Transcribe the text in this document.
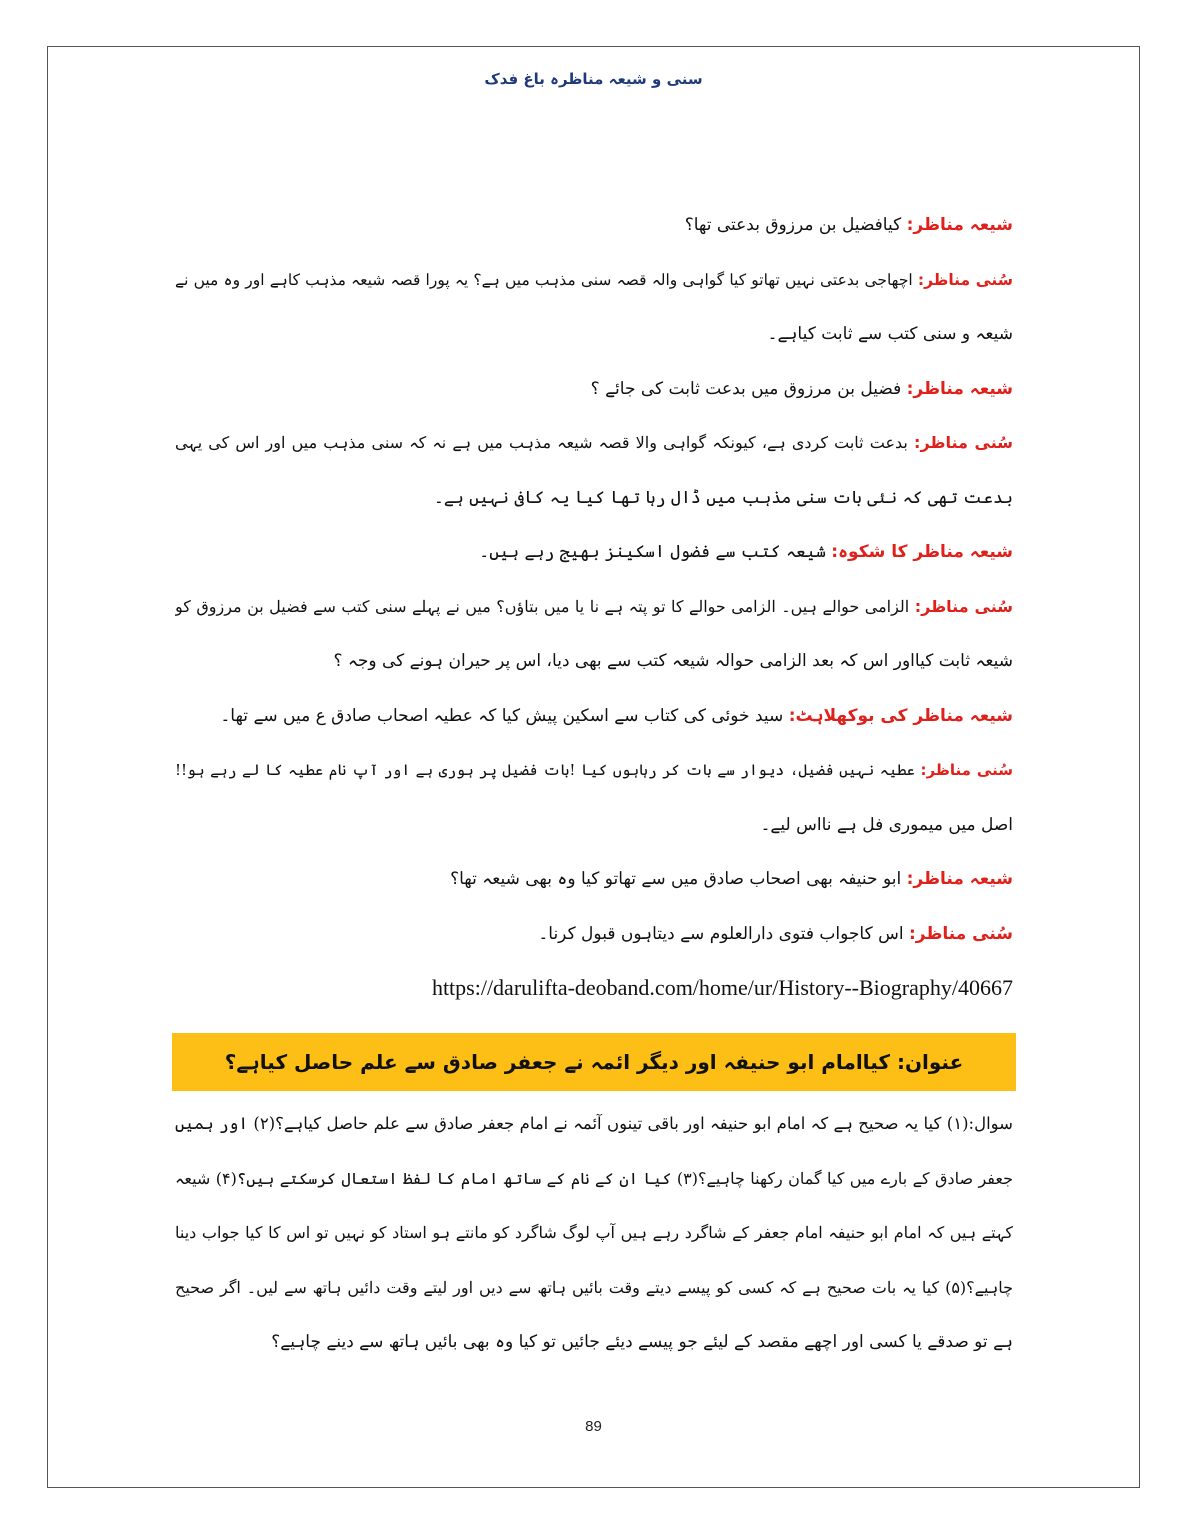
سنی و شیعہ مناظرہ باغ فدک
شیعہ مناظر: کیافضیل بن مرزوق بدعتی تھا؟
سُنی مناظر: اچھاجی بدعتی نہیں تھاتو کیا گواہی والہ قصہ سنی مذہب میں ہے؟ یہ پورا قصہ شیعہ مذہب کاہے اور وہ میں نے
شیعہ و سنی کتب سے ثابت کیاہے۔
شیعہ مناظر: فضیل بن مرزوق میں بدعت ثابت کی جائے ؟
سُنی مناظر: بدعت ثابت کردی ہے، کیونکہ گواہی والا قصہ شیعہ مذہب میں ہے نہ کہ سنی مذہب میں اور اس کی یہی
بدعت تھی کہ نئی بات سنی مذہب میں ڈال رہا تھا کیا یہ کافی نہیں ہے۔
شیعہ مناظر کا شکوہ: شیعہ کتب سے فضول اسکینز بھیج رہے ہیں۔
سُنی مناظر: الزامی حوالے ہیں۔ الزامی حوالے کا تو پتہ ہے نا یا میں بتاؤں؟ میں نے پہلے سنی کتب سے فضیل بن مرزوق کو
شیعہ ثابت کیااور اس کہ بعد الزامی حوالہ شیعہ کتب سے بھی دیا، اس پر حیران ہونے کی وجہ ؟
شیعہ مناظر کی بوکھلاہٹ: سید خوئی کی کتاب سے اسکین پیش کیا کہ عطیہ اصحاب صادق ع میں سے تھا۔
سُنی مناظر: عطیہ نہیں فضیل، دیوار سے بات کر رہاہوں کیا !بات فضیل پر ہوری ہے اور آپ نام عطیہ کا لے رہے ہو!!
اصل میں میموری فل ہے نااس لیے۔
شیعہ مناظر: ابو حنیفہ بھی اصحاب صادق میں سے تھاتو کیا وہ بھی شیعہ تھا؟
سُنی مناظر: اس کاجواب فتوی دارالعلوم سے دیتاہوں قبول کرنا۔
https://darulifta-deoband.com/home/ur/History--Biography/40667
عنوان: کیاامام ابو حنیفہ اور دیگر ائمہ نے جعفر صادق سے علم حاصل کیاہے؟
سوال:(۱) کیا یہ صحیح ہے کہ امام ابو حنیفہ اور باقی تینوں آئمہ نے امام جعفر صادق سے علم حاصل کیاہے؟(۲) اور ہمیں
جعفر صادق کے بارے میں کیا گمان رکھنا چاہیے؟(۳) کیا ان کے نام کے ساتھ امام کا لفظ استعال کرسکتے ہیں؟(۴) شیعہ
کہتے ہیں کہ امام ابو حنیفہ امام جعفر کے شاگرد رہے ہیں آپ لوگ شاگرد کو مانتے ہو استاد کو نہیں تو اس کا کیا جواب دینا
چاہیے؟(۵) کیا یہ بات صحیح ہے کہ کسی کو پیسے دیتے وقت بائیں ہاتھ سے دیں اور لیتے وقت دائیں ہاتھ سے لیں۔ اگر صحیح
ہے تو صدقے یا کسی اور اچھے مقصد کے لیئے جو پیسے دیئے جائیں تو کیا وہ بھی بائیں ہاتھ سے دینے چاہیے؟
89
